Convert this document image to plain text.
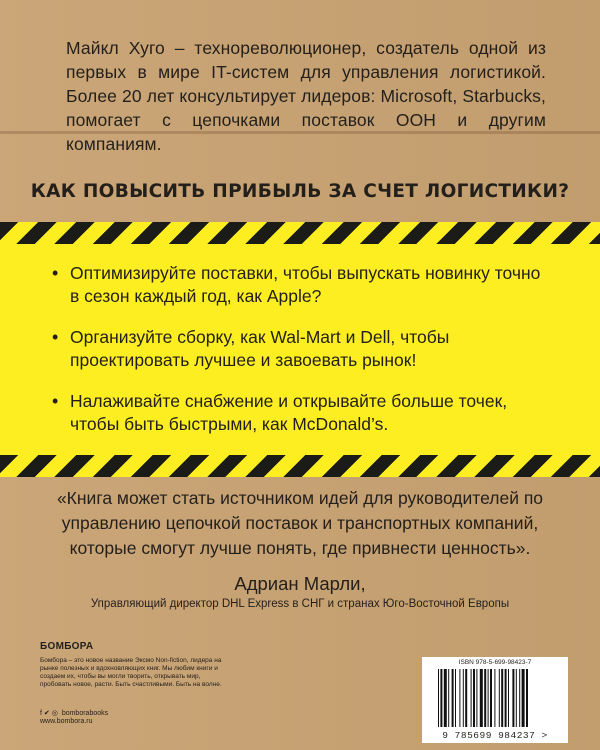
Майкл Хуго – технореволюционер, создатель одной из первых в мире IT-систем для управления логистикой. Более 20 лет консультирует лидеров: Microsoft, Starbucks, помогает с цепочками поставок ООН и другим компаниям.

КАК ПОВЫСИТЬ ПРИБЫЛЬ ЗА СЧЕТ ЛОГИСТИКИ?
• Оптимизируйте поставки, чтобы выпускать новинку точно в сезон каждый год, как Apple?
• Организуйте сборку, как Wal-Mart и Dell, чтобы проектировать лучшее и завоевать рынок!
• Налаживайте снабжение и открывайте больше точек, чтобы быть быстрыми, как McDonald’s.

«Книга может стать источником идей для руководителей по управлению цепочкой поставок и транспортных компаний, которые смогут лучше понять, где привнести ценность».

Адриан Марли,

Управляющий директор DHL Express в СНГ и странах Юго-Восточной Европы

БОМБОРА

Бомбора – это новое название Эксмо Non-fiction, лидера на рынке полезных и вдохновляющих книг. Мы любим книги и создаем их, чтобы вы могли творить, открывать мир, пробовать новое, расти. Быть счастливыми. Быть на волне.

f ✔ ◎ bomborabooks
www.bombora.ru
ISBN 978-5-699-98423-7
9 785699 984237 >
